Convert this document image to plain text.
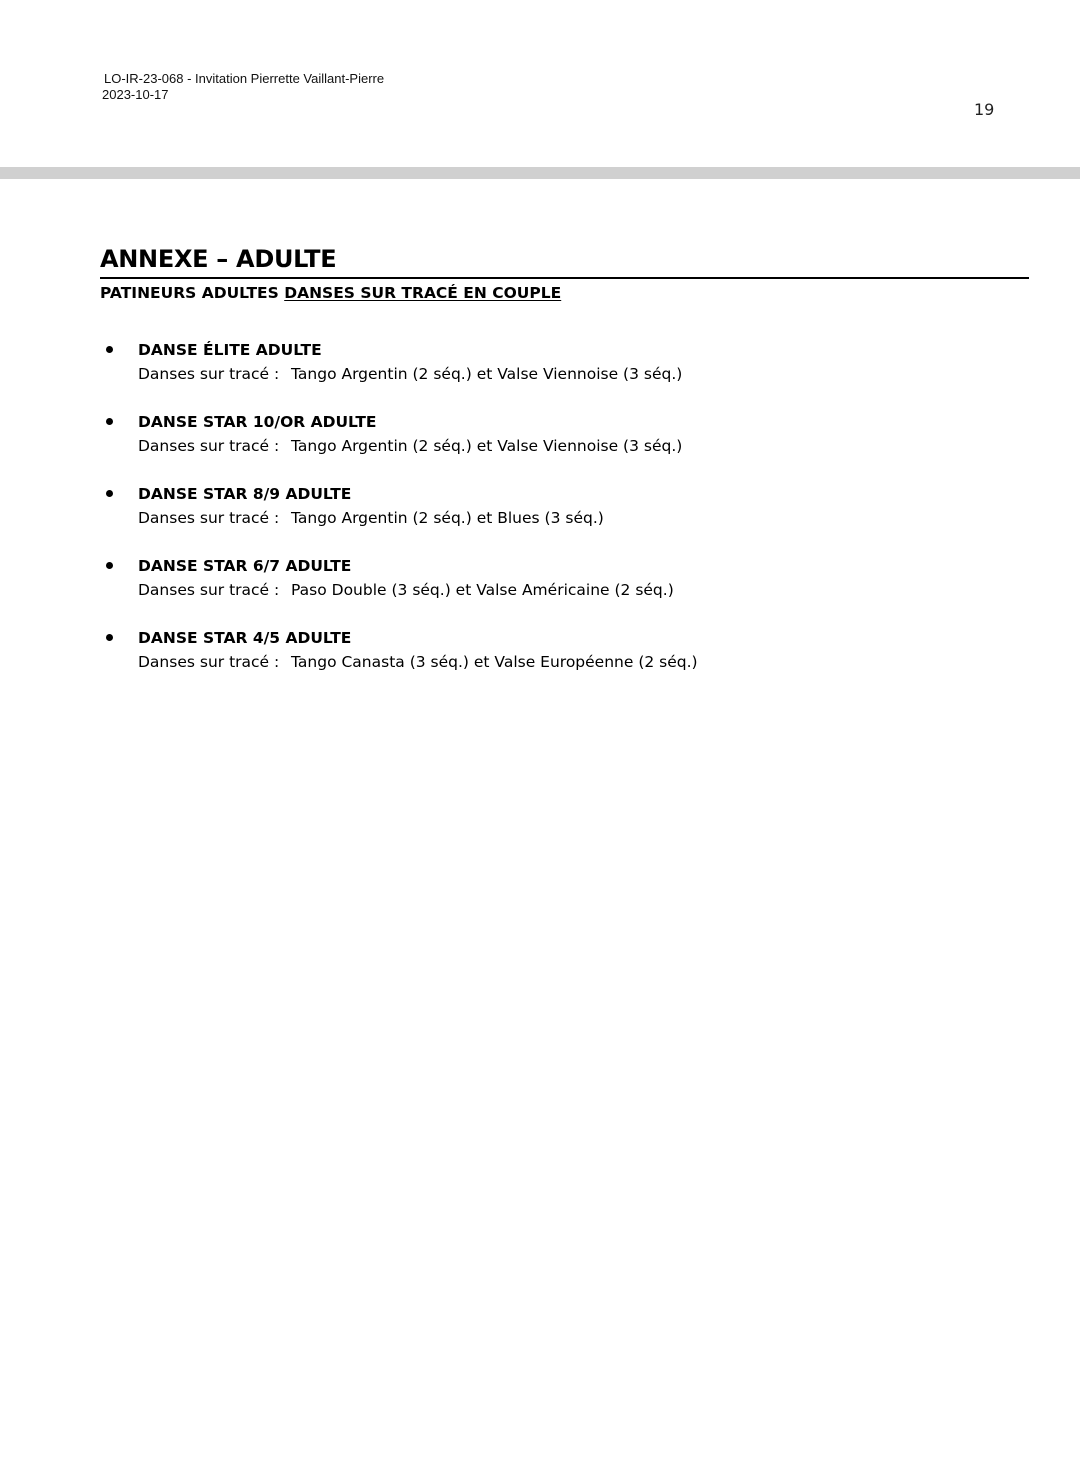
LO-IR-23-068 - Invitation Pierrette Vaillant-Pierre
2023-10-17
19
ANNEXE – ADULTE
PATINEURS ADULTES DANSES SUR TRACÉ EN COUPLE
DANSE ÉLITE ADULTE
Danses sur tracé : Tango Argentin (2 séq.) et Valse Viennoise (3 séq.)
DANSE STAR 10/OR ADULTE
Danses sur tracé : Tango Argentin (2 séq.) et Valse Viennoise (3 séq.)
DANSE STAR 8/9 ADULTE
Danses sur tracé : Tango Argentin (2 séq.) et Blues (3 séq.)
DANSE STAR 6/7 ADULTE
Danses sur tracé : Paso Double (3 séq.) et Valse Américaine (2 séq.)
DANSE STAR 4/5 ADULTE
Danses sur tracé : Tango Canasta (3 séq.) et Valse Européenne (2 séq.)
